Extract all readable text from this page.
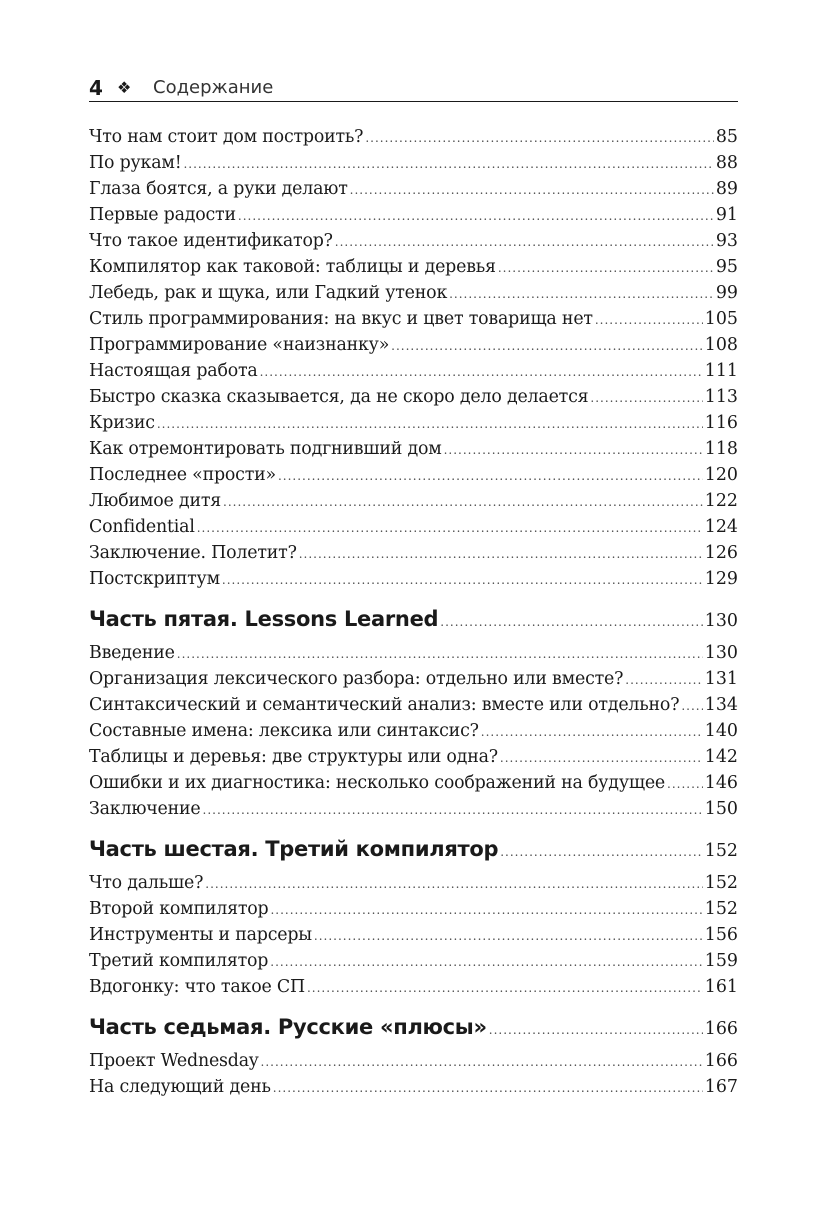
4 ❖	Содержание
Что нам стоит дом построить? .....	85
По рукам! .....	88
Глаза боятся, а руки делают .....	89
Первые радости .....	91
Что такое идентификатор? .....	93
Компилятор как таковой: таблицы и деревья .....	95
Лебедь, рак и щука, или Гадкий утенок .....	99
Стиль программирования: на вкус и цвет товарища нет .....	105
Программирование «наизнанку» .....	108
Настоящая работа .....	111
Быстро сказка сказывается, да не скоро дело делается .....	113
Кризис .....	116
Как отремонтировать подгнивший дом .....	118
Последнее «прости» .....	120
Любимое дитя .....	122
Confidential .....	124
Заключение. Полетит? .....	126
Постскриптум .....	129
Часть пятая. Lessons Learned .....	130
Введение .....	130
Организация лексического разбора: отдельно или вместе? .....	131
Синтаксический и семантический анализ: вместе или отдельно? ..... 134
Составные имена: лексика или синтаксис? .....	140
Таблицы и деревья: две структуры или одна? .....	142
Ошибки и их диагностика: несколько соображений на будущее ..... 146
Заключение .....	150
Часть шестая. Третий компилятор .....	152
Что дальше? .....	152
Второй компилятор .....	152
Инструменты и парсеры .....	156
Третий компилятор .....	159
Вдогонку: что такое СП .....	161
Часть седьмая. Русские «плюсы» .....	166
Проект Wednesday .....	166
На следующий день .....	167
